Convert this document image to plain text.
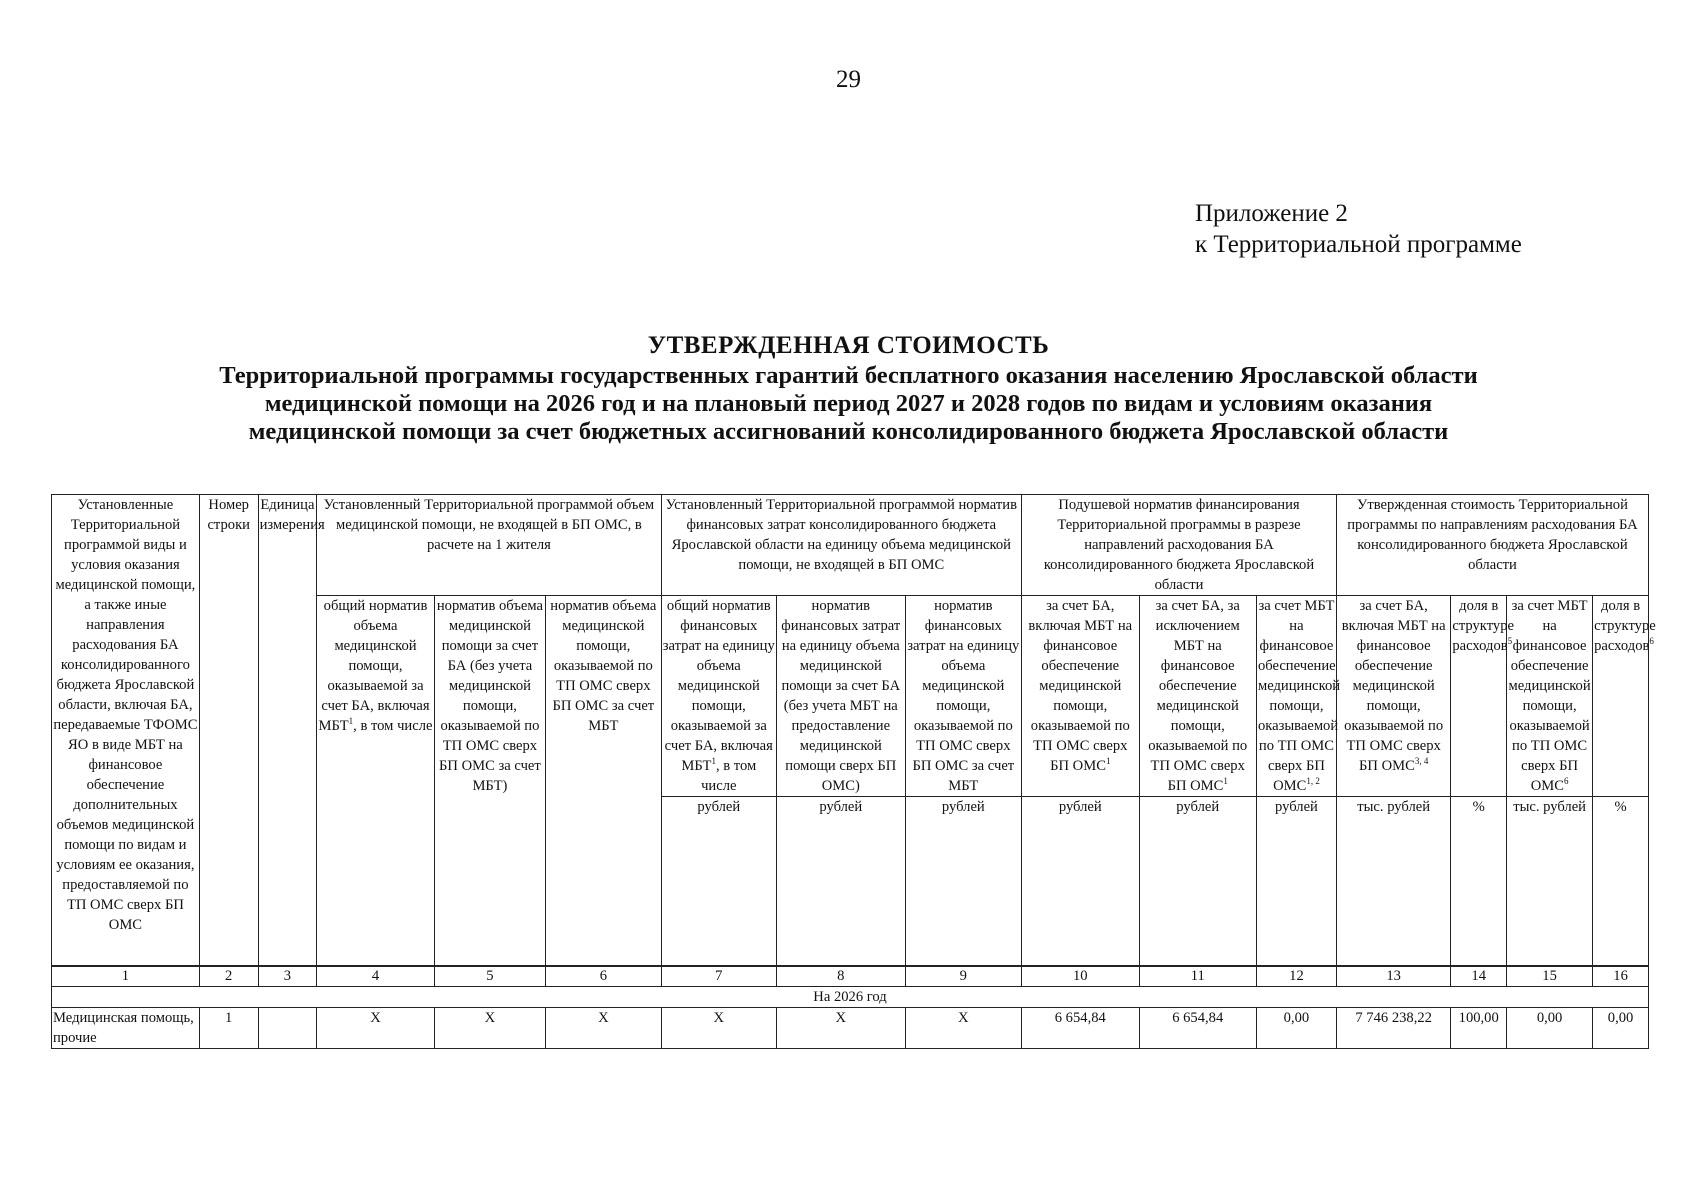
29
Приложение 2
к Территориальной программе
УТВЕРЖДЕННАЯ СТОИМОСТЬ
Территориальной программы государственных гарантий бесплатного оказания населению Ярославской области
медицинской помощи на 2026 год и на плановый период 2027 и 2028 годов по видам и условиям оказания
медицинской помощи за счет бюджетных ассигнований консолидированного бюджета Ярославской области
Установленные Территориальной программой виды и условия оказания медицинской помощи, а также иные направления расходования БА консолидированного бюджета Ярославской области, включая БА, передаваемые ТФОМС ЯО в виде МБТ на финансовое обеспечение дополнительных объемов медицинской помощи по видам и условиям ее оказания, предоставляемой по ТП ОМС сверх БП ОМС	Номер строки	Единица измерения	Установленный Территориальной программой объем медицинской помощи, не входящей в БП ОМС, в расчете на 1 жителя			Установленный Территориальной программой норматив финансовых затрат консолидированного бюджета Ярославской области на единицу объема медицинской помощи, не входящей в БП ОМС			Подушевой норматив финансирования Территориальной программы в разрезе направлений расходования БА консолидированного бюджета Ярославской области			Утвержденная стоимость Территориальной программы по направлениям расходования БА консолидированного бюджета Ярославской области			
			общий норматив объема медицинской помощи, оказываемой за счет БА, включая МБТ$^1$, в том числе	норматив объема медицинской помощи за счет БА (без учета медицинской помощи, оказываемой по ТП ОМС сверх БП ОМС за счет МБТ)	норматив объема медицинской помощи, оказываемой по ТП ОМС сверх БП ОМС за счет МБТ	общий норматив финансовых затрат на единицу объема медицинской помощи, оказываемой за счет БА, включая МБТ$^1$, в том числе	норматив финансовых затрат на единицу объема медицинской помощи за счет БА (без учета МБТ на предоставление медицинской помощи сверх БП ОМС)	норматив финансовых затрат на единицу объема медицинской помощи, оказываемой по ТП ОМС сверх БП ОМС за счет МБТ	за счет БА, включая МБТ на финансовое обеспечение медицинской помощи, оказываемой по ТП ОМС сверх БП ОМС$^1$	за счет БА, за исключением МБТ на финансовое обеспечение медицинской помощи, оказываемой по ТП ОМС сверх БП ОМС$^1$	за счет МБТ на финансовое обеспечение медицинской помощи, оказываемой по ТП ОМС сверх БП ОМС$^{1, 2}$	за счет БА, включая МБТ на финансовое обеспечение медицинской помощи, оказываемой по ТП ОМС сверх БП ОМС$^{3, 4}$	доля в структуре расходов$^5$	за счет МБТ на финансовое обеспечение медицинской помощи, оказываемой по ТП ОМС сверх БП ОМС$^6$	доля в структуре расходов$^6$
						рублей	рублей	рублей	рублей	рублей	рублей	тыс. рублей	%	тыс. рублей	%
1	2	3	4	5	6	7	8	9	10	11	12	13	14	15	16
На 2026 год															
Медицинская помощь, прочие	1		X	X	X	X	X	X	6 654,84	6 654,84	0,00	7 746 238,22	100,00	0,00	0,00
